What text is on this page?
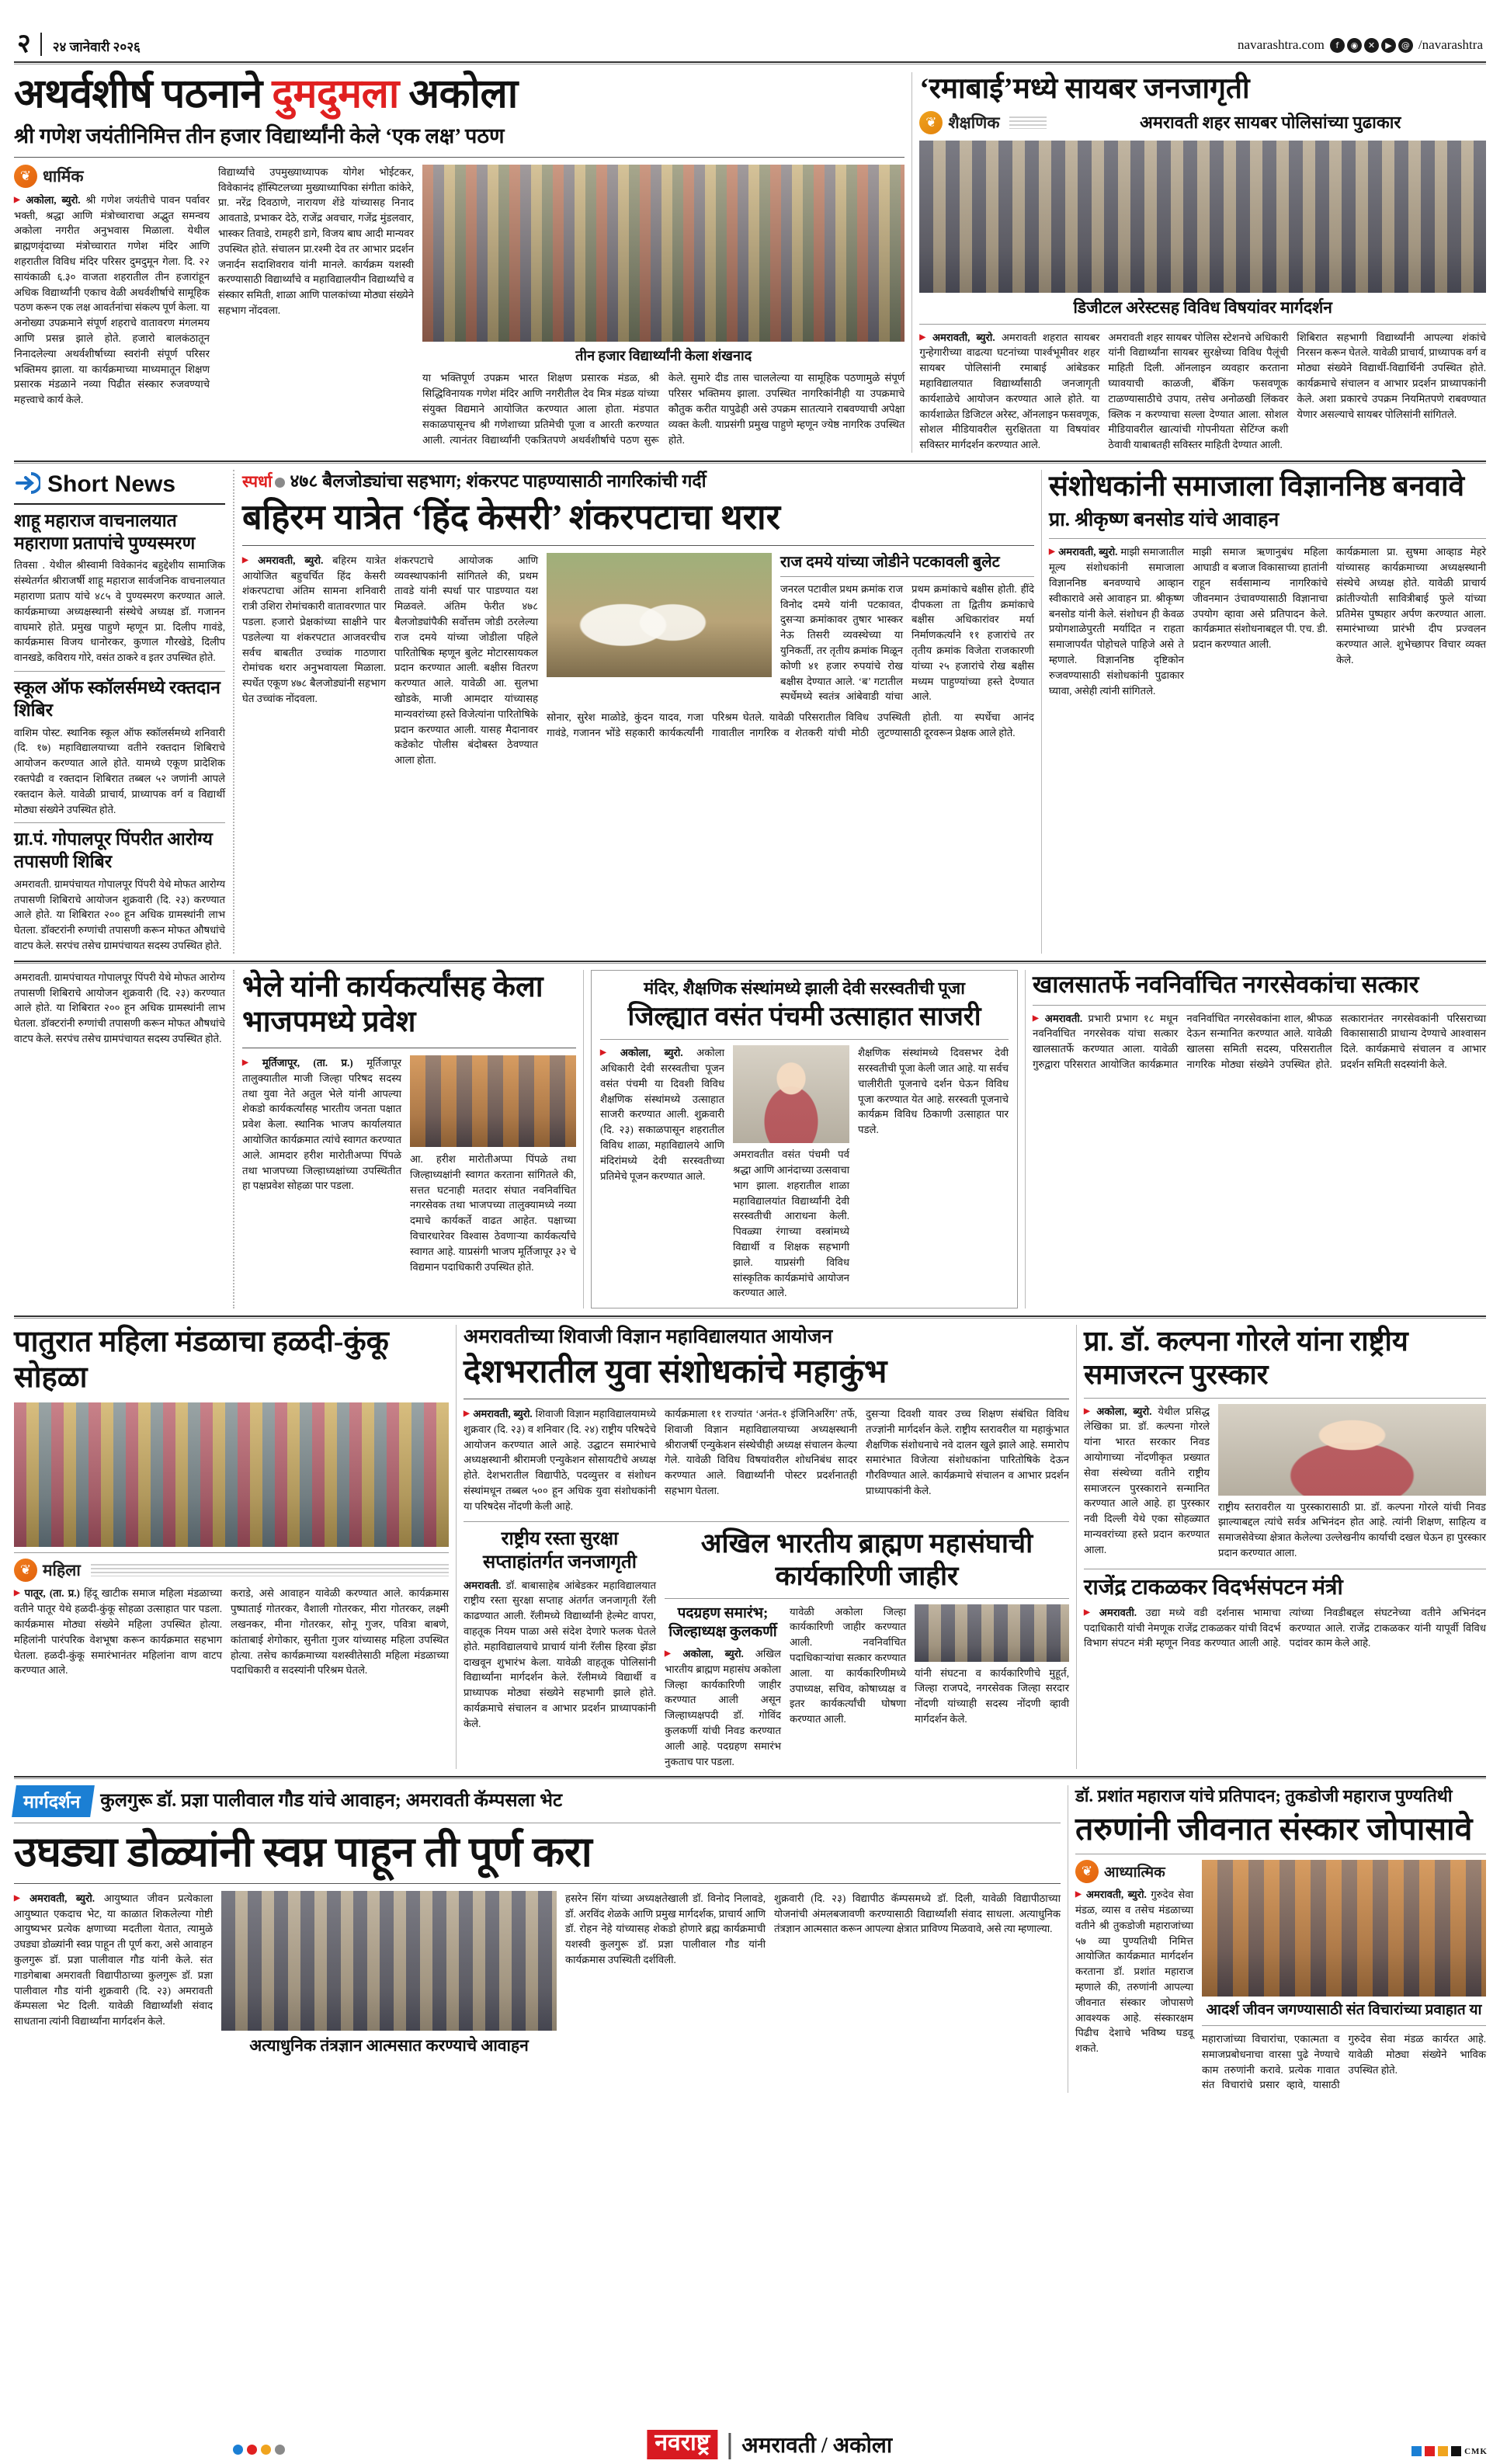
२ २४ जानेवारी २०२६
नवराष्ट्र	अमरावती / अकोला
navarashtra.com	f	◉	✕	▶	@ /navarashtra
अथर्वशीर्ष पठनाने दुमदुमला अकोला
श्री गणेश जयंतीनिमित्त तीन हजार विद्यार्थ्यांनी केले ‘एक लक्ष’ पठण
❦
धार्मिक
▶ अकोला, ब्युरो. श्री गणेश जयंतीचे पावन पर्वावर भक्ती, श्रद्धा आणि मंत्रोच्चाराचा अद्भुत समन्वय अकोला नगरीत अनुभवास मिळाला. येथील ब्राह्मणवृंदाच्या मंत्रोच्चारात गणेश मंदिर आणि शहरातील विविध मंदिर परिसर दुमदुमून गेला. दि. २२ सायंकाळी ६.३० वाजता शहरातील तीन हजारांहून अधिक विद्यार्थ्यांनी एकाच वेळी अथर्वशीर्षाचे सामूहिक पठण करून एक लक्ष आवर्तनांचा संकल्प पूर्ण केला. या अनोख्या उपक्रमाने संपूर्ण शहराचे वातावरण मंगलमय आणि प्रसन्न झाले होते. हजारो बालकंठातून निनादलेल्या अथर्वशीर्षाच्या स्वरांनी संपूर्ण परिसर भक्तिमय झाला. या कार्यक्रमाच्या माध्यमातून शिक्षण प्रसारक मंडळाने नव्या पिढीत संस्कार रुजवण्याचे महत्त्वाचे कार्य केले.
विद्यार्थ्यांचे उपमुख्याध्यापक योगेश भोईटकर, विवेकानंद हॉस्पिटलच्या मुख्याध्यापिका संगीता कांकेरे, प्रा. नरेंद्र दिवठाणे, नारायण शेंडे यांच्यासह निनाद आवताडे, प्रभाकर देठे, राजेंद्र अवचार, गजेंद्र मुंडलवार, भास्कर तिवाडे, रामहरी डागे, विजय बाघ आदी मान्यवर उपस्थित होते. संचालन प्रा.रश्मी देव तर आभार प्रदर्शन जनार्दन सदाशिवराव यांनी मानले. कार्यक्रम यशस्वी करण्यासाठी विद्यार्थ्यांचे व महाविद्यालयीन विद्यार्थ्यांचे व संस्कार समिती, शाळा आणि पालकांच्या मोठ्या संख्येने सहभाग नोंदवला.
तीन हजार विद्यार्थ्यांनी केला शंखनाद
या भक्तिपूर्ण उपक्रम भारत शिक्षण प्रसारक मंडळ, श्री सिद्धिविनायक गणेश मंदिर आणि नगरीतील देव मित्र मंडळ यांच्या संयुक्त विद्यमाने आयोजित करण्यात आला होता. मंडपात सकाळपासूनच श्री गणेशाच्या प्रतिमेची पूजा व आरती करण्यात आली. त्यानंतर विद्यार्थ्यांनी एकत्रितपणे अथर्वशीर्षाचे पठण सुरू केले. सुमारे दीड तास चाललेल्या या सामूहिक पठणामुळे संपूर्ण परिसर भक्तिमय झाला. उपस्थित नागरिकांनीही या उपक्रमाचे कौतुक करीत यापुढेही असे उपक्रम सातत्याने राबवण्याची अपेक्षा व्यक्त केली. याप्रसंगी प्रमुख पाहुणे म्हणून ज्येष्ठ नागरिक उपस्थित होते.
‘रमाबाई’मध्ये सायबर जनजागृती
❦
शैक्षणिक	अमरावती शहर सायबर पोलिसांच्या पुढाकार
डिजीटल अरेस्टसह विविध विषयांवर मार्गदर्शन
▶ अमरावती, ब्युरो. अमरावती शहरात सायबर गुन्हेगारीच्या वाढत्या घटनांच्या पार्श्वभूमीवर शहर सायबर पोलिसांनी रमाबाई आंबेडकर महाविद्यालयात विद्यार्थ्यांसाठी जनजागृती कार्यशाळेचे आयोजन करण्यात आले होते. या कार्यशाळेत डिजिटल अरेस्ट, ऑनलाइन फसवणूक, सोशल मीडियावरील सुरक्षितता या विषयांवर सविस्तर मार्गदर्शन करण्यात आले.
अमरावती शहर सायबर पोलिस स्टेशनचे अधिकारी यांनी विद्यार्थ्यांना सायबर सुरक्षेच्या विविध पैलूंची माहिती दिली. ऑनलाइन व्यवहार करताना घ्यावयाची काळजी, बँकिंग फसवणूक टाळण्यासाठीचे उपाय, तसेच अनोळखी लिंकवर क्लिक न करण्याचा सल्ला देण्यात आला. सोशल मीडियावरील खात्यांची गोपनीयता सेटिंग्ज कशी ठेवावी याबाबतही सविस्तर माहिती देण्यात आली.
शिबिरात सहभागी विद्यार्थ्यांनी आपल्या शंकांचे निरसन करून घेतले. यावेळी प्राचार्य, प्राध्यापक वर्ग व मोठ्या संख्येने विद्यार्थी-विद्यार्थिनी उपस्थित होते. कार्यक्रमाचे संचालन व आभार प्रदर्शन प्राध्यापकांनी केले. अशा प्रकारचे उपक्रम नियमितपणे राबवण्यात येणार असल्याचे सायबर पोलिसांनी सांगितले.
Short News
शाहू महाराज वाचनालयात महाराणा प्रतापांचे पुण्यस्मरण
तिवसा . येथील श्रीस्वामी विवेकानंद बहुद्देशीय सामाजिक संस्थेतर्गत श्रीराजर्षी शाहू महाराज सार्वजनिक वाचनालयात महाराणा प्रताप यांचे ४८५ वे पुण्यस्मरण करण्यात आले. कार्यक्रमाच्या अध्यक्षस्थानी संस्थेचे अध्यक्ष डॉ. गजानन वाघमारे होते. प्रमुख पाहुणे म्हणून प्रा. दिलीप गावंडे, कार्यक्रमास विजय धानोरकर, कुणाल गौरखेडे, दिलीप वानखडे, कविराय गोरे, वसंत ठाकरे व इतर उपस्थित होते.
स्कूल ऑफ स्कॉलर्समध्ये रक्तदान शिबिर
वाशिम पोस्ट. स्थानिक स्कूल ऑफ स्कॉलर्समध्ये शनिवारी (दि. १७) महाविद्यालयाच्या वतीने रक्तदान शिबिराचे आयोजन करण्यात आले होते. यामध्ये एकूण प्रादेशिक रक्तपेढी व रक्तदान शिबिरात तब्बल ५२ जणांनी आपले रक्तदान केले. यावेळी प्राचार्य, प्राध्यापक वर्ग व विद्यार्थी मोठ्या संख्येने उपस्थित होते.
ग्रा.पं. गोपालपूर पिंपरीत आरोग्य तपासणी शिबिर
अमरावती. ग्रामपंचायत गोपालपूर पिंपरी येथे मोफत आरोग्य तपासणी शिबिराचे आयोजन शुक्रवारी (दि. २३) करण्यात आले होते. या शिबिरात २०० हून अधिक ग्रामस्थांनी लाभ घेतला. डॉक्टरांनी रुग्णांची तपासणी करून मोफत औषधांचे वाटप केले. सरपंच तसेच ग्रामपंचायत सदस्य उपस्थित होते.
स्पर्धा ४७८ बैलजोड्यांचा सहभाग; शंकरपट पाहण्यासाठी नागरिकांची गर्दी
बहिरम यात्रेत ‘हिंद केसरी’ शंकरपटाचा थरार
▶ अमरावती, ब्युरो. बहिरम यात्रेत आयोजित बहुचर्चित हिंद केसरी शंकरपटाचा अंतिम सामना शनिवारी रात्री उशिरा रोमांचकारी वातावरणात पार पडला. हजारो प्रेक्षकांच्या साक्षीने पार पडलेल्या या शंकरपटात आजवरचीच सर्वच बाबतीत उच्चांक गाठणारा रोमांचक थरार अनुभवायला मिळाला. स्पर्धेत एकूण ४७८ बैलजोड्यांनी सहभाग घेत उच्चांक नोंदवला.
शंकरपटाचे आयोजक आणि व्यवस्थापकांनी सांगितले की, प्रथम तावडे यांनी स्पर्धा पार पाडण्यात यश मिळवले. अंतिम फेरीत ४७८ बैलजोड्यांपैकी सर्वोत्तम जोडी ठरलेल्या राज दमये यांच्या जोडीला पहिले पारितोषिक म्हणून बुलेट मोटारसायकल प्रदान करण्यात आली. बक्षीस वितरण करण्यात आले. यावेळी आ. सुलभा खोडके, माजी आमदार यांच्यासह मान्यवरांच्या हस्ते विजेत्यांना पारितोषिके प्रदान करण्यात आली. यासह मैदानावर कडेकोट पोलीस बंदोबस्त ठेवण्यात आला होता.
राज दमये यांच्या जोडीने पटकावली बुलेट
जनरल पटावील प्रथम क्रमांक राज विनोद दमये यांनी पटकावत, दुसऱ्या क्रमांकावर तुषार भास्कर नेऊ तिसरी व्यवस्थेच्या या युनिकर्ती, तर तृतीय क्रमांक मिळून कोणी ४१ हजार रुपयांचे रोख बक्षीस देण्यात आले. ‘ब’ गटातील स्पर्धेमध्ये स्वतंत्र आंबेवाडी यांचा प्रथम क्रमांकाचे बक्षीस होती. हींदे दीपकला ता द्वितीय क्रमांकाचे बक्षीस अधिकारांवर मर्या निर्माणकर्त्यांने ११ हजारांचे तर तृतीय क्रमांक विजेता राजकारणी यांच्या २५ हजारांचे रोख बक्षीस मध्यम पाहुण्यांच्या हस्ते देण्यात आले.
सोनार, सुरेश माळोडे, कुंदन यादव, गजा गावंडे, गजानन भोंडे सहकारी कार्यकर्त्यांनी परिश्रम घेतले. यावेळी परिसरातील विविध गावातील नागरिक व शेतकरी यांची मोठी उपस्थिती होती. या स्पर्धेचा आनंद लुटण्यासाठी दूरवरून प्रेक्षक आले होते.
संशोधकांनी समाजाला विज्ञाननिष्ठ बनवावे
प्रा. श्रीकृष्ण बनसोड यांचे आवाहन
▶ अमरावती, ब्युरो. माझी समाजातील मूल्य संशोधकांनी समाजाला विज्ञाननिष्ठ बनवण्याचे आव्हान स्वीकारावे असे आवाहन प्रा. श्रीकृष्ण बनसोड यांनी केले. संशोधन ही केवळ प्रयोगशाळेपुरती मर्यादित न राहता समाजापर्यंत पोहोचले पाहिजे असे ते म्हणाले. विज्ञाननिष्ठ दृष्टिकोन रुजवण्यासाठी संशोधकांनी पुढाकार घ्यावा, असेही त्यांनी सांगितले.
माझी समाज ऋणानुबंध महिला आघाडी व बजाज विकासाच्या हातांनी राहून सर्वसामान्य नागरिकांचे जीवनमान उंचावण्यासाठी विज्ञानाचा उपयोग व्हावा असे प्रतिपादन केले. कार्यक्रमात संशोधनाबद्दल पी. एच. डी. प्रदान करण्यात आली.
कार्यक्रमाला प्रा. सुषमा आव्हाड मेहरे यांच्यासह कार्यक्रमाच्या अध्यक्षस्थानी संस्थेचे अध्यक्ष होते. यावेळी प्राचार्य क्रांतीज्योती सावित्रीबाई फुले यांच्या प्रतिमेस पुष्पहार अर्पण करण्यात आला. समारंभाच्या प्रारंभी दीप प्रज्वलन करण्यात आले. शुभेच्छापर विचार व्यक्त केले.
अमरावती. ग्रामपंचायत गोपालपूर पिंपरी येथे मोफत आरोग्य तपासणी शिबिराचे आयोजन शुक्रवारी (दि. २३) करण्यात आले होते. या शिबिरात २०० हून अधिक ग्रामस्थांनी लाभ घेतला. डॉक्टरांनी रुग्णांची तपासणी करून मोफत औषधांचे वाटप केले. सरपंच तसेच ग्रामपंचायत सदस्य उपस्थित होते.
भेले यांनी कार्यकर्त्यांसह केला भाजपमध्ये प्रवेश
▶ मूर्तिजापूर, (ता. प्र.) मूर्तिजापूर तालुक्यातील माजी जिल्हा परिषद सदस्य तथा युवा नेते अतुल भेले यांनी आपल्या शेकडो कार्यकर्त्यांसह भारतीय जनता पक्षात प्रवेश केला. स्थानिक भाजप कार्यालयात आयोजित कार्यक्रमात त्यांचे स्वागत करण्यात आले. आमदार हरीश मारोतीअप्पा पिंपळे तथा भाजपच्या जिल्हाध्यक्षांच्या उपस्थितीत हा पक्षप्रवेश सोहळा पार पडला.
आ. हरीश मारोतीअप्पा पिंपळे तथा जिल्हाध्यक्षांनी स्वागत करताना सांगितले की, सत्तत घटनाही मतदार संघात नवनिर्वाचित नगरसेवक तथा भाजपच्या तालुक्यामध्ये नव्या दमाचे कार्यकर्ते वाढत आहेत. पक्षाच्या विचारधारेवर विश्वास ठेवणाऱ्या कार्यकर्त्यांचे स्वागत आहे. याप्रसंगी भाजप मूर्तिजापूर ३२ चे विद्यमान पदाधिकारी उपस्थित होते.
मंदिर, शैक्षणिक संस्थांमध्ये झाली देवी सरस्वतीची पूजा
जिल्ह्यात वसंत पंचमी उत्साहात साजरी
▶ अकोला, ब्युरो. अकोला अधिकारी देवी सरस्वतीचा पूजन वसंत पंचमी या दिवशी विविध शैक्षणिक संस्थांमध्ये उत्साहात साजरी करण्यात आली. शुक्रवारी (दि. २३) सकाळपासून शहरातील विविध शाळा, महाविद्यालये आणि मंदिरांमध्ये देवी सरस्वतीच्या प्रतिमेचे पूजन करण्यात आले.
अमरावतीत वसंत पंचमी पर्व श्रद्धा आणि आनंदाच्या उत्सवाचा भाग झाला. शहरातील शाळा महाविद्यालयांत विद्यार्थ्यांनी देवी सरस्वतीची आराधना केली. पिवळ्या रंगाच्या वस्त्रांमध्ये विद्यार्थी व शिक्षक सहभागी झाले. याप्रसंगी विविध सांस्कृतिक कार्यक्रमांचे आयोजन करण्यात आले.
शैक्षणिक संस्थांमध्ये दिवसभर देवी सरस्वतीची पूजा केली जात आहे. या सर्वच चालीरीती पूजनाचे दर्शन घेऊन विविध पूजा करण्यात येत आहे. सरस्वती पूजनाचे कार्यक्रम विविध ठिकाणी उत्साहात पार पडले.
खालसातर्फे नवनिर्वाचित नगरसेवकांचा सत्कार
▶ अमरावती. प्रभारी प्रभाग १८ मधून नवनिर्वाचित नगरसेवक यांचा सत्कार खालसातर्फे करण्यात आला. यावेळी गुरुद्वारा परिसरात आयोजित कार्यक्रमात नवनिर्वाचित नगरसेवकांना शाल, श्रीफळ देऊन सन्मानित करण्यात आले. यावेळी खालसा समिती सदस्य, परिसरातील नागरिक मोठ्या संख्येने उपस्थित होते. सत्कारानंतर नगरसेवकांनी परिसराच्या विकासासाठी प्राधान्य देण्याचे आश्वासन दिले. कार्यक्रमाचे संचालन व आभार प्रदर्शन समिती सदस्यांनी केले.
पातुरात महिला मंडळाचा हळदी-कुंकू सोहळा
❦
महिला
▶ पातूर, (ता. प्र.) हिंदू खाटीक समाज महिला मंडळाच्या वतीने पातूर येथे हळदी-कुंकू सोहळा उत्साहात पार पडला. कार्यक्रमास मोठ्या संख्येने महिला उपस्थित होत्या. महिलांनी पारंपरिक वेशभूषा करून कार्यक्रमात सहभाग घेतला. हळदी-कुंकू समारंभानंतर महिलांना वाण वाटप करण्यात आले.
कराडे, असे आवाहन यावेळी करण्यात आले. कार्यक्रमास पुष्पाताई गोतरकर, वैशाली गोतरकर, मीरा गोतरकर, लक्ष्मी लखनकर, मीना गोतरकर, सोनू गुजर, पवित्रा बाबणे, कांताबाई शेगोकार, सुनीता गुजर यांच्यासह महिला उपस्थित होत्या. तसेच कार्यक्रमाच्या यशस्वीतेसाठी महिला मंडळाच्या पदाधिकारी व सदस्यांनी परिश्रम घेतले.
अमरावतीच्या शिवाजी विज्ञान महाविद्यालयात आयोजन
देशभरातील युवा संशोधकांचे महाकुंभ
▶ अमरावती, ब्युरो. शिवाजी विज्ञान महाविद्यालयामध्ये शुक्रवार (दि. २३) व शनिवार (दि. २४) राष्ट्रीय परिषदेचे आयोजन करण्यात आले आहे. उद्घाटन समारंभाचे अध्यक्षस्थानी श्रीरामजी एन्युकेशन सोसायटीचे अध्यक्ष होते. देशभरातील विद्यापीठे, पदव्युत्तर व संशोधन संस्थांमधून तब्बल ५०० हून अधिक युवा संशोधकांनी या परिषदेस नोंदणी केली आहे.
कार्यक्रमाला ११ राज्यांत ‘अनंत-१ इंजिनिअरिंग’ तर्फे, शिवाजी विज्ञान महाविद्यालयाच्या अध्यक्षस्थानी श्रीराजर्षी एन्युकेशन संस्थेचीही अध्यक्ष संचालन केल्या गेले. यावेळी विविध विषयांवरील शोधनिबंध सादर करण्यात आले. विद्यार्थ्यांनी पोस्टर प्रदर्शनातही सहभाग घेतला.
दुसऱ्या दिवशी यावर उच्च शिक्षण संबंधित विविध तज्ज्ञांनी मार्गदर्शन केले. राष्ट्रीय स्तरावरील या महाकुंभात शैक्षणिक संशोधनाचे नवे दालन खुले झाले आहे. समारोप समारंभात विजेत्या संशोधकांना पारितोषिके देऊन गौरविण्यात आले. कार्यक्रमाचे संचालन व आभार प्रदर्शन प्राध्यापकांनी केले.
राष्ट्रीय रस्ता सुरक्षा सप्ताहांतर्गत जनजागृती
अमरावती. डॉ. बाबासाहेब आंबेडकर महाविद्यालयात राष्ट्रीय रस्ता सुरक्षा सप्ताह अंतर्गत जनजागृती रॅली काढण्यात आली. रॅलीमध्ये विद्यार्थ्यांनी हेल्मेट वापरा, वाहतूक नियम पाळा असे संदेश देणारे फलक घेतले होते. महाविद्यालयाचे प्राचार्य यांनी रॅलीस हिरवा झेंडा दाखवून शुभारंभ केला. यावेळी वाहतूक पोलिसांनी विद्यार्थ्यांना मार्गदर्शन केले. रॅलीमध्ये विद्यार्थी व प्राध्यापक मोठ्या संख्येने सहभागी झाले होते. कार्यक्रमाचे संचालन व आभार प्रदर्शन प्राध्यापकांनी केले.
अखिल भारतीय ब्राह्मण महासंघाची कार्यकारिणी जाहीर
पदग्रहण समारंभ; जिल्हाध्यक्ष कुलकर्णी
▶ अकोला, ब्युरो. अखिल भारतीय ब्राह्मण महासंघ अकोला जिल्हा कार्यकारिणी जाहीर करण्यात आली असून जिल्हाध्यक्षपदी डॉ. गोविंद कुलकर्णी यांची निवड करण्यात आली आहे. पदग्रहण समारंभ नुकताच पार पडला.
यावेळी अकोला जिल्हा कार्यकारिणी जाहीर करण्यात आली. नवनिर्वाचित पदाधिकाऱ्यांचा सत्कार करण्यात आला. या कार्यकारिणीमध्ये उपाध्यक्ष, सचिव, कोषाध्यक्ष व इतर कार्यकर्त्यांची घोषणा करण्यात आली.
यांनी संघटना व कार्यकारिणीचे मुहूर्त, जिल्हा राजपदे, नगरसेवक जिल्हा सरदार नोंदणी यांच्याही सदस्य नोंदणी व्हावी मार्गदर्शन केले.
प्रा. डॉ. कल्पना गोरले यांना राष्ट्रीय समाजरत्न पुरस्कार
▶ अकोला, ब्युरो. येथील प्रसिद्ध लेखिका प्रा. डॉ. कल्पना गोरले यांना भारत सरकार निवड आयोगाच्या नोंदणीकृत प्रख्यात सेवा संस्थेच्या वतीने राष्ट्रीय समाजरत्न पुरस्काराने सन्मानित करण्यात आले आहे. हा पुरस्कार नवी दिल्ली येथे एका सोहळ्यात मान्यवरांच्या हस्ते प्रदान करण्यात आला.
राष्ट्रीय स्तरावरील या पुरस्कारासाठी प्रा. डॉ. कल्पना गोरले यांची निवड झाल्याबद्दल त्यांचे सर्वत्र अभिनंदन होत आहे. त्यांनी शिक्षण, साहित्य व समाजसेवेच्या क्षेत्रात केलेल्या उल्लेखनीय कार्याची दखल घेऊन हा पुरस्कार प्रदान करण्यात आला.
राजेंद्र टाकळकर विदर्भसंपटन मंत्री
▶ अमरावती. उद्या मध्ये वडी दर्शनास भामाचा पदाधिकारी यांची नेमणूक राजेंद्र टाकळकर यांची विदर्भ विभाग संपटन मंत्री म्हणून निवड करण्यात आली आहे. त्यांच्या निवडीबद्दल संघटनेच्या वतीने अभिनंदन करण्यात आले. राजेंद्र टाकळकर यांनी यापूर्वी विविध पदांवर काम केले आहे.
मार्गदर्शन	कुलगुरू डॉ. प्रज्ञा पालीवाल गौड यांचे आवाहन; अमरावती कॅम्पसला भेट
उघड्या डोळ्यांनी स्वप्न पाहून ती पूर्ण करा
▶ अमरावती, ब्युरो. आयुष्यात जीवन प्रत्येकाला आयुष्यात एकदाच भेट, या काळात शिकलेल्या गोष्टी आयुष्यभर प्रत्येक क्षणाच्या मदतीला येतात, त्यामुळे उघड्या डोळ्यांनी स्वप्न पाहून ती पूर्ण करा, असे आवाहन कुलगुरू डॉ. प्रज्ञा पालीवाल गौड यांनी केले. संत गाडगेबाबा अमरावती विद्यापीठाच्या कुलगुरू डॉ. प्रज्ञा पालीवाल गौड यांनी शुक्रवारी (दि. २३) अमरावती कॅम्पसला भेट दिली. यावेळी विद्यार्थ्यांशी संवाद साधताना त्यांनी विद्यार्थ्यांना मार्गदर्शन केले.
अत्याधुनिक तंत्रज्ञान आत्मसात करण्याचे आवाहन
हसरेन सिंग यांच्या अध्यक्षतेखाली डॉ. विनोद निलावडे, डॉ. अरविंद शेळके आणि प्रमुख मार्गदर्शक, प्राचार्य आणि डॉ. रोहन नेहे यांच्यासह शेकडो होणारे ब्रह्म कार्यक्रमाची यशस्वी कुलगुरू डॉ. प्रज्ञा पालीवाल गौड यांनी कार्यक्रमास उपस्थिती दर्शविली.
शुक्रवारी (दि. २३) विद्यापीठ कॅम्पसमध्ये डॉ. दिली, यावेळी विद्यापीठाच्या योजनांची अंमलबजावणी करण्यासाठी विद्यार्थ्यांशी संवाद साधला. अत्याधुनिक तंत्रज्ञान आत्मसात करून आपल्या क्षेत्रात प्राविण्य मिळवावे, असे त्या म्हणाल्या.
डॉ. प्रशांत महाराज यांचे प्रतिपादन; तुकडोजी महाराज पुण्यतिथी
तरुणांनी जीवनात संस्कार जोपासावे
❦
आध्यात्मिक
▶ अमरावती, ब्युरो. गुरुदेव सेवा मंडळ, व्यास व तसेच मंडळाच्या वतीने श्री तुकडोजी महाराजांच्या ५७ व्या पुण्यतिथी निमित्त आयोजित कार्यक्रमात मार्गदर्शन करताना डॉ. प्रशांत महाराज म्हणाले की, तरुणांनी आपल्या जीवनात संस्कार जोपासणे आवश्यक आहे. संस्कारक्षम पिढीच देशाचे भविष्य घडवू शकते.
आदर्श जीवन जगण्यासाठी संत विचारांच्या प्रवाहात या
महाराजांच्या विचारांचा, एकात्मता व समाजप्रबोधनाचा वारसा पुढे नेण्याचे काम तरुणांनी करावे. प्रत्येक गावात संत विचारांचे प्रसार व्हावे, यासाठी गुरुदेव सेवा मंडळ कार्यरत आहे. यावेळी मोठ्या संख्येने भाविक उपस्थित होते.
CMK
